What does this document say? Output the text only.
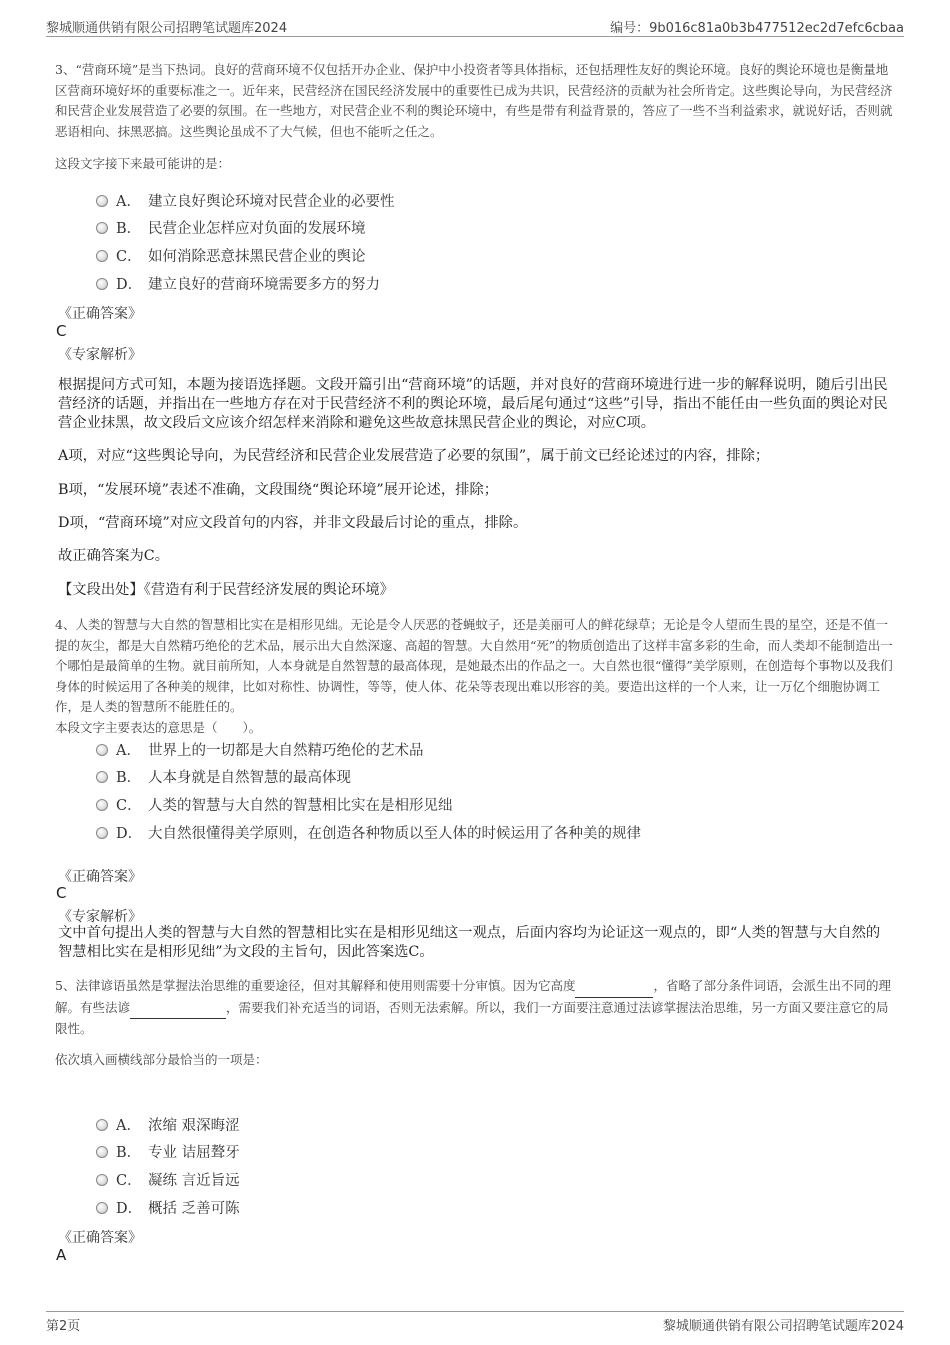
黎城顺通供销有限公司招聘笔试题库2024	编号：9b016c81a0b3b477512ec2d7efc6cbaa
3、“营商环境”是当下热词。良好的营商环境不仅包括开办企业、保护中小投资者等具体指标，还包括理性友好的舆论环境。良好的舆论环境也是衡量地区营商环境好坏的重要标准之一。近年来，民营经济在国民经济发展中的重要性已成为共识，民营经济的贡献为社会所肯定。这些舆论导向，为民营经济和民营企业发展营造了必要的氛围。在一些地方，对民营企业不利的舆论环境中，有些是带有利益背景的，答应了一些不当利益索求，就说好话，否则就恶语相向、抹黑恶搞。这些舆论虽成不了大气候，但也不能听之任之。
这段文字接下来最可能讲的是：
A． 建立良好舆论环境对民营企业的必要性
B． 民营企业怎样应对负面的发展环境
C． 如何消除恶意抹黑民营企业的舆论
D． 建立良好的营商环境需要多方的努力
《正确答案》
C
《专家解析》
根据提问方式可知，本题为接语选择题。文段开篇引出“营商环境”的话题，并对良好的营商环境进行进一步的解释说明，随后引出民营经济的话题，并指出在一些地方存在对于民营经济不利的舆论环境，最后尾句通过“这些”引导，指出不能任由一些负面的舆论对民营企业抹黑，故文段后文应该介绍怎样来消除和避免这些故意抹黑民营企业的舆论，对应C项。
A项，对应“这些舆论导向，为民营经济和民营企业发展营造了必要的氛围”，属于前文已经论述过的内容，排除；
B项，“发展环境”表述不准确，文段围绕“舆论环境”展开论述，排除；
D项，“营商环境”对应文段首句的内容，并非文段最后讨论的重点，排除。
故正确答案为C。
【文段出处】《营造有利于民营经济发展的舆论环境》
4、人类的智慧与大自然的智慧相比实在是相形见绌。无论是令人厌恶的苍蝇蚊子，还是美丽可人的鲜花绿草；无论是令人望而生畏的星空，还是不值一提的灰尘，都是大自然精巧绝伦的艺术品，展示出大自然深邃、高超的智慧。大自然用“死”的物质创造出了这样丰富多彩的生命，而人类却不能制造出一个哪怕是最简单的生物。就目前所知，人本身就是自然智慧的最高体现，是她最杰出的作品之一。大自然也很“懂得”美学原则，在创造每个事物以及我们身体的时候运用了各种美的规律，比如对称性、协调性，等等，使人体、花朵等表现出难以形容的美。要造出这样的一个人来，让一万亿个细胞协调工作，是人类的智慧所不能胜任的。
本段文字主要表达的意思是（　　）。
A． 世界上的一切都是大自然精巧绝伦的艺术品
B． 人本身就是自然智慧的最高体现
C． 人类的智慧与大自然的智慧相比实在是相形见绌
D． 大自然很懂得美学原则，在创造各种物质以至人体的时候运用了各种美的规律
《正确答案》
C
《专家解析》
文中首句提出人类的智慧与大自然的智慧相比实在是相形见绌这一观点，后面内容均为论证这一观点的，即“人类的智慧与大自然的智慧相比实在是相形见绌”为文段的主旨句，因此答案选C。
5、法律谚语虽然是掌握法治思维的重要途径，但对其解释和使用则需要十分审慎。因为它高度	，省略了部分条件词语，会派生出不同的理解。有些法谚	，需要我们补充适当的词语，否则无法索解。所以，我们一方面要注意通过法谚掌握法治思维，另一方面又要注意它的局限性。
依次填入画横线部分最恰当的一项是：
A． 浓缩 艰深晦涩
B． 专业 诘屈聱牙
C． 凝练 言近旨远
D． 概括 乏善可陈
《正确答案》
A
第2页	黎城顺通供销有限公司招聘笔试题库2024
